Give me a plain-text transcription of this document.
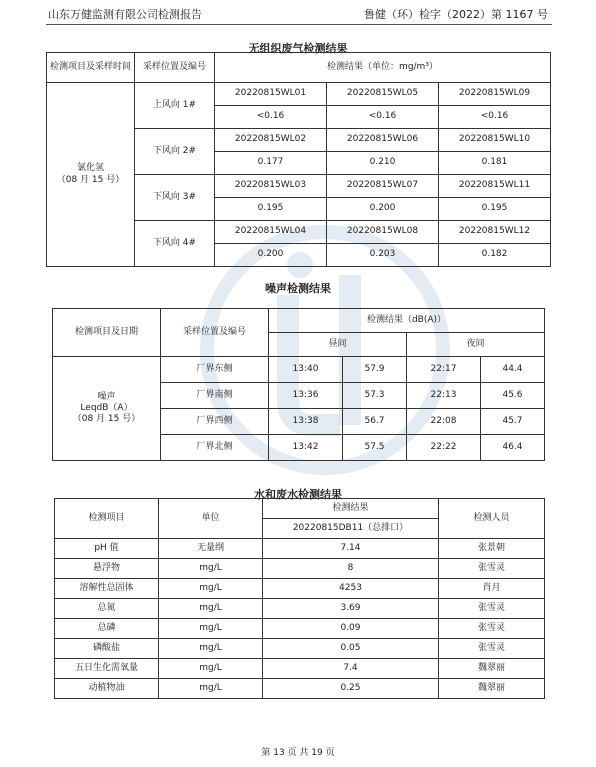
山东万健监测有限公司检测报告	鲁健（环）检字（2022）第 1167 号
无组织废气检测结果
检测项目及采样时间	采样位置及编号	检测结果（单位：mg/m³）		

氯化氢
（08 月 15 号）	上风向 1#	20220815WL01	20220815WL05	20220815WL09
		<0.16	<0.16	<0.16
	下风向 2#	20220815WL02	20220815WL06	20220815WL10
		0.177	0.210	0.181
	下风向 3#	20220815WL03	20220815WL07	20220815WL11
		0.195	0.200	0.195
	下风向 4#	20220815WL04	20220815WL08	20220815WL12
		0.200	0.203	0.182
噪声检测结果
检测项目及日期	采样位置及编号	检测结果（dB(A)）			
		昼间		夜间	

噪声
LeqdB（A）
（08 月 15 号）	厂界东侧	13:40	57.9	22:17	44.4
	厂界南侧	13:36	57.3	22:13	45.6
	厂界西侧	13:38	56.7	22:08	45.7
	厂界北侧	13:42	57.5	22:22	46.4
水和废水检测结果
检测项目	单位	检测结果	检测人员
		20220815DB11（总排口）	
pH 值	无量纲	7.14	张景朝
悬浮物	mg/L	8	张雪灵
溶解性总固体	mg/L	4253	肖月
总氮	mg/L	3.69	张雪灵
总磷	mg/L	0.09	张雪灵
磷酸盐	mg/L	0.05	张雪灵
五日生化需氧量	mg/L	7.4	魏翠丽
动植物油	mg/L	0.25	魏翠丽
第 13 页 共 19 页
